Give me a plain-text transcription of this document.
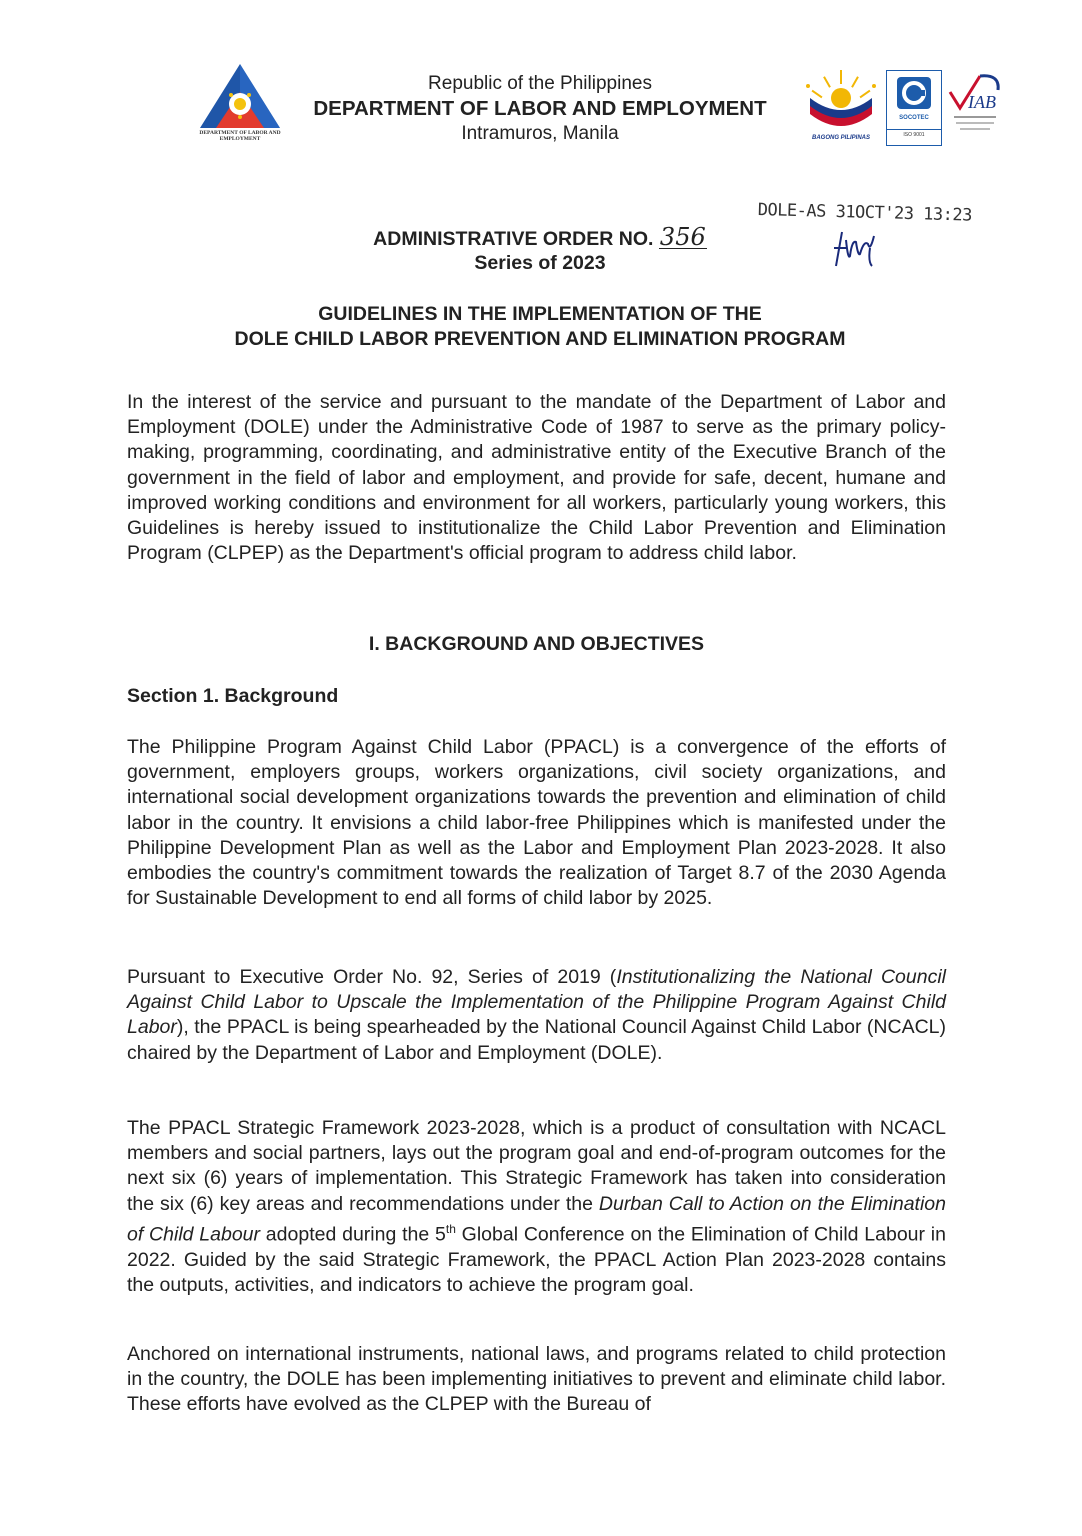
DEPARTMENT OF LABOR AND EMPLOYMENT
Republic of the Philippines
DEPARTMENT OF LABOR AND EMPLOYMENT
Intramuros, Manila	BAGONG PILIPINAS
SOCOTEC
ISO 9001
IAB
DOLE-AS 31OCT'23 13:23
ADMINISTRATIVE ORDER NO. 356
Series of 2023
GUIDELINES IN THE IMPLEMENTATION OF THE
DOLE CHILD LABOR PREVENTION AND ELIMINATION PROGRAM
In the interest of the service and pursuant to the mandate of the Department of Labor and Employment (DOLE) under the Administrative Code of 1987 to serve as the primary policy-making, programming, coordinating, and administrative entity of the Executive Branch of the government in the field of labor and employment, and provide for safe, decent, humane and improved working conditions and environment for all workers, particularly young workers, this Guidelines is hereby issued to institutionalize the Child Labor Prevention and Elimination Program (CLPEP) as the Department's official program to address child labor.
I. BACKGROUND AND OBJECTIVES
Section 1. Background
The Philippine Program Against Child Labor (PPACL) is a convergence of the efforts of government, employers groups, workers organizations, civil society organizations, and international social development organizations towards the prevention and elimination of child labor in the country. It envisions a child labor-free Philippines which is manifested under the Philippine Development Plan as well as the Labor and Employment Plan 2023-2028. It also embodies the country's commitment towards the realization of Target 8.7 of the 2030 Agenda for Sustainable Development to end all forms of child labor by 2025.
Pursuant to Executive Order No. 92, Series of 2019 (Institutionalizing the National Council Against Child Labor to Upscale the Implementation of the Philippine Program Against Child Labor), the PPACL is being spearheaded by the National Council Against Child Labor (NCACL) chaired by the Department of Labor and Employment (DOLE).
The PPACL Strategic Framework 2023-2028, which is a product of consultation with NCACL members and social partners, lays out the program goal and end-of-program outcomes for the next six (6) years of implementation. This Strategic Framework has taken into consideration the six (6) key areas and recommendations under the Durban Call to Action on the Elimination of Child Labour adopted during the 5th Global Conference on the Elimination of Child Labour in 2022. Guided by the said Strategic Framework, the PPACL Action Plan 2023-2028 contains the outputs, activities, and indicators to achieve the program goal.
Anchored on international instruments, national laws, and programs related to child protection in the country, the DOLE has been implementing initiatives to prevent and eliminate child labor. These efforts have evolved as the CLPEP with the Bureau of
